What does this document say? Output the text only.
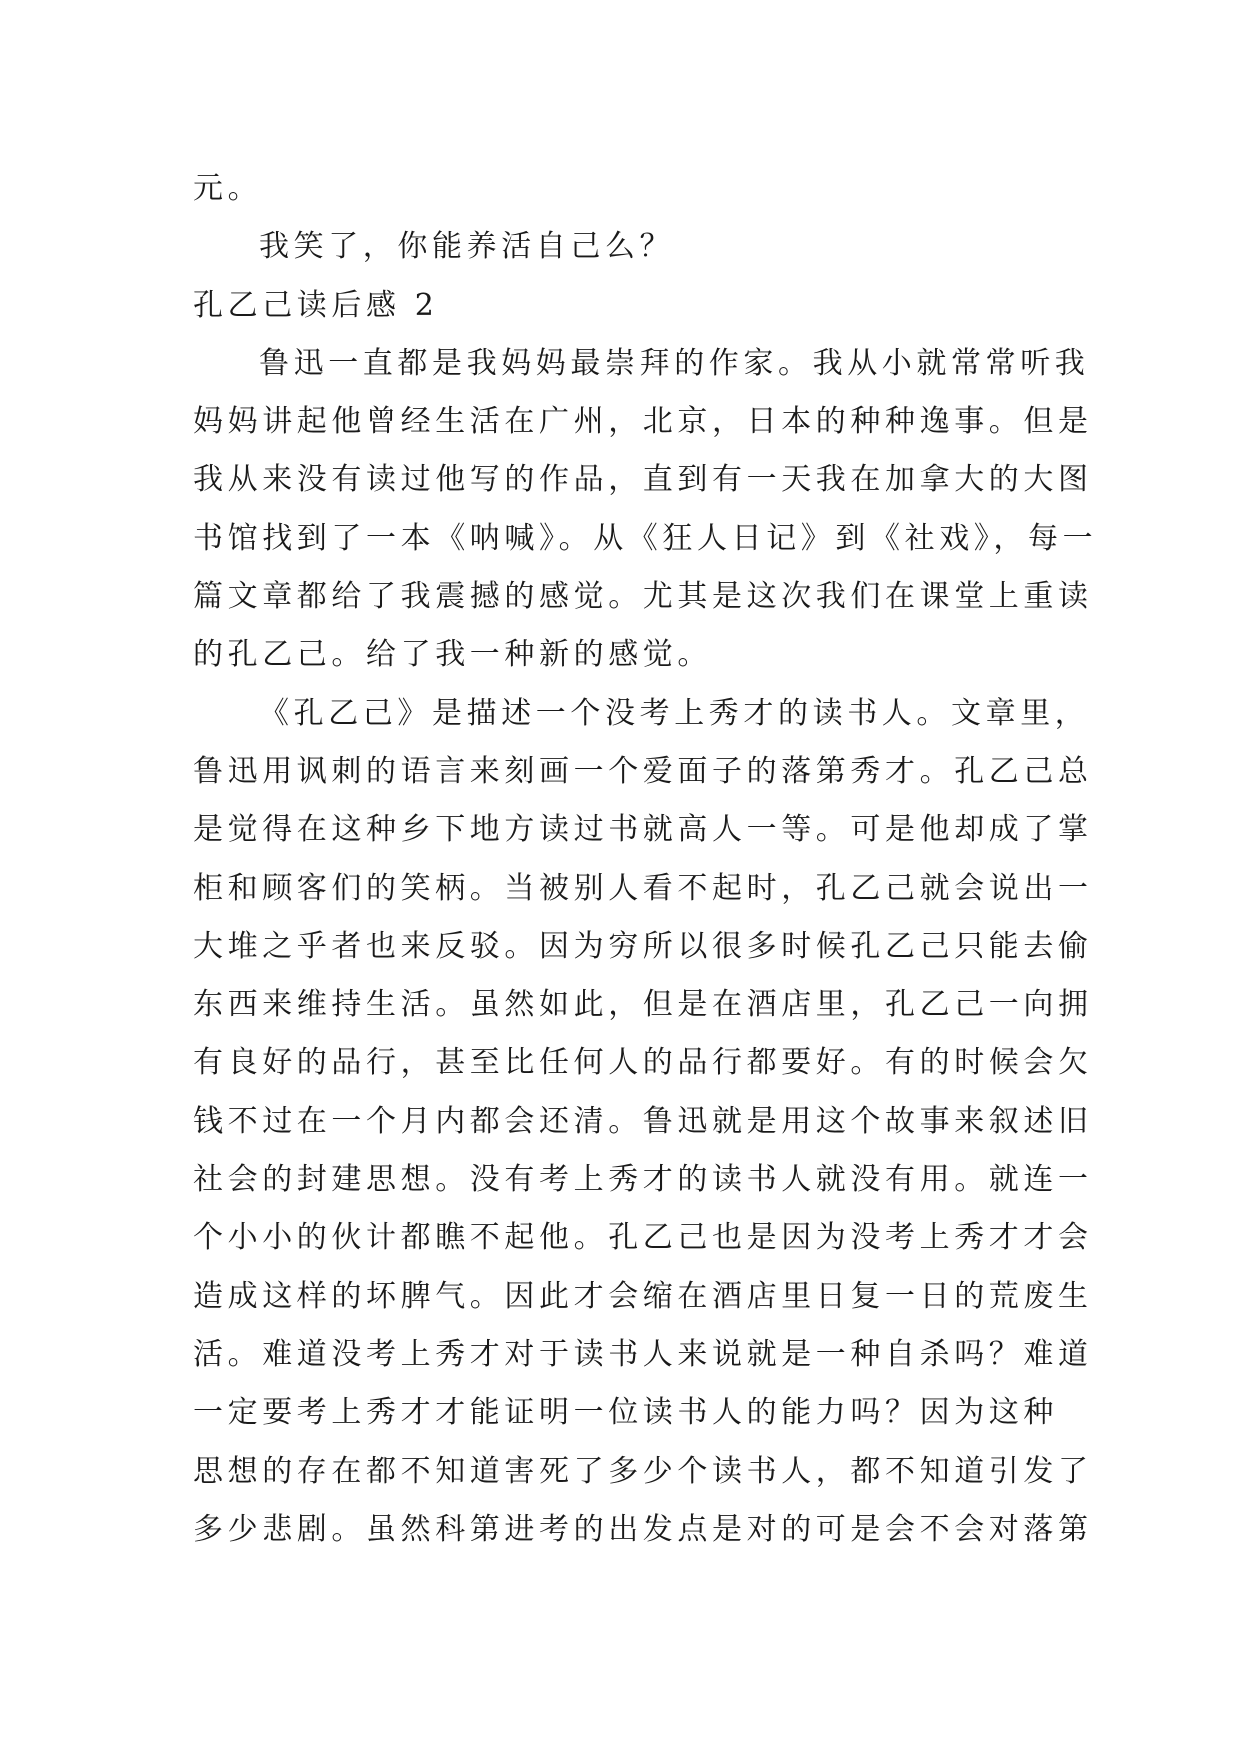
元。
我笑了，你能养活自己么？
孔乙己读后感 2
鲁迅一直都是我妈妈最崇拜的作家。我从小就常常听我
妈妈讲起他曾经生活在广州，北京，日本的种种逸事。但是
我从来没有读过他写的作品，直到有一天我在加拿大的大图
书馆找到了一本《呐喊》。从《狂人日记》到《社戏》，每一
篇文章都给了我震撼的感觉。尤其是这次我们在课堂上重读
的孔乙己。给了我一种新的感觉。
《孔乙己》是描述一个没考上秀才的读书人。文章里，
鲁迅用讽刺的语言来刻画一个爱面子的落第秀才。孔乙己总
是觉得在这种乡下地方读过书就高人一等。可是他却成了掌
柜和顾客们的笑柄。当被别人看不起时，孔乙己就会说出一
大堆之乎者也来反驳。因为穷所以很多时候孔乙己只能去偷
东西来维持生活。虽然如此，但是在酒店里，孔乙己一向拥
有良好的品行，甚至比任何人的品行都要好。有的时候会欠
钱不过在一个月内都会还清。鲁迅就是用这个故事来叙述旧
社会的封建思想。没有考上秀才的读书人就没有用。就连一
个小小的伙计都瞧不起他。孔乙己也是因为没考上秀才才会
造成这样的坏脾气。因此才会缩在酒店里日复一日的荒废生
活。难道没考上秀才对于读书人来说就是一种自杀吗？难道
一定要考上秀才才能证明一位读书人的能力吗？因为这种
思想的存在都不知道害死了多少个读书人，都不知道引发了
多少悲剧。虽然科第进考的出发点是对的可是会不会对落第
